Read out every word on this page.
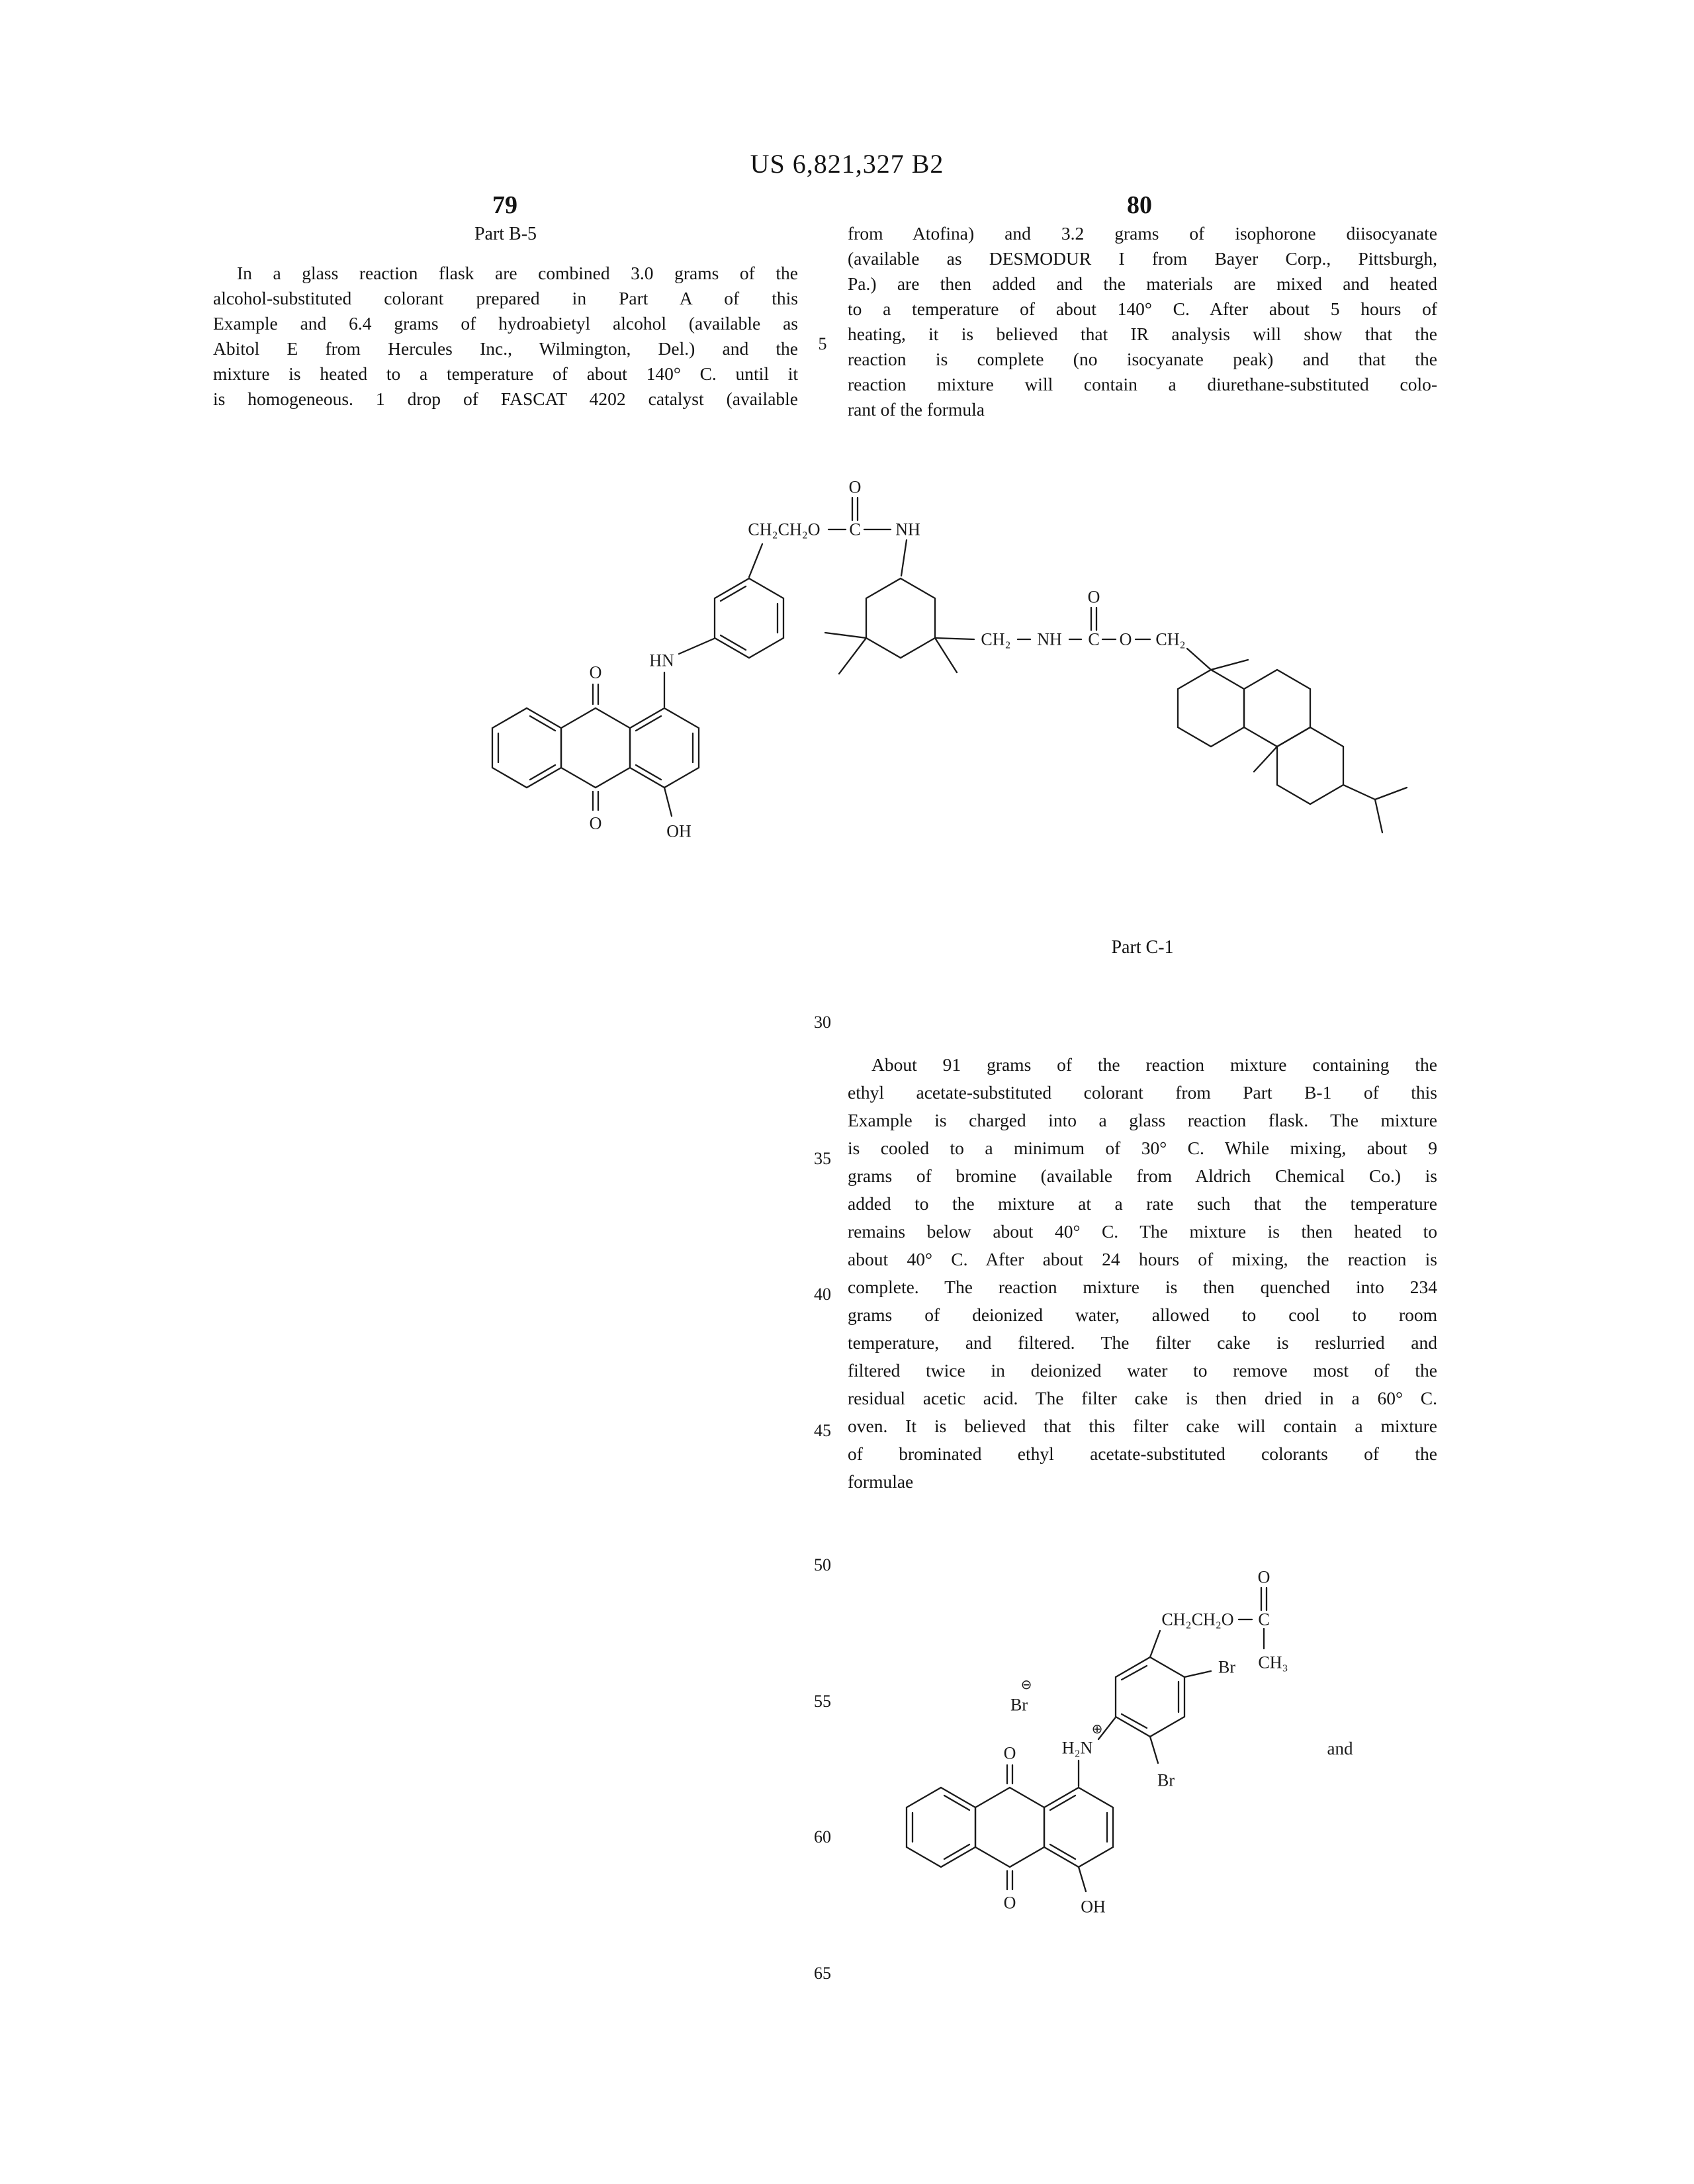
US 6,821,327 B2
79	80
Part B-5
In a glass reaction flask are combined 3.0 grams of the
alcohol-substituted colorant prepared in Part A of this
Example and 6.4 grams of hydroabietyl alcohol (available as
Abitol E from Hercules Inc., Wilmington, Del.) and the
mixture is heated to a temperature of about 140° C. until it
is homogeneous. 1 drop of FASCAT 4202 catalyst (available
from Atofina) and 3.2 grams of isophorone diisocyanate
(available as DESMODUR I from Bayer Corp., Pittsburgh,
Pa.) are then added and the materials are mixed and heated
to a temperature of about 140° C. After about 5 hours of
heating, it is believed that IR analysis will show that the
reaction is complete (no isocyanate peak) and that the
reaction mixture will contain a diurethane-substituted colo-
rant of the formula
Part C-1
About 91 grams of the reaction mixture containing the
ethyl acetate-substituted colorant from Part B-1 of this
Example is charged into a glass reaction flask. The mixture
is cooled to a minimum of 30° C. While mixing, about 9
grams of bromine (available from Aldrich Chemical Co.) is
added to the mixture at a rate such that the temperature
remains below about 40° C. The mixture is then heated to
about 40° C. After about 24 hours of mixing, the reaction is
complete. The reaction mixture is then quenched into 234
grams of deionized water, allowed to cool to room
temperature, and filtered. The filter cake is reslurried and
filtered twice in deionized water to remove most of the
residual acetic acid. The filter cake is then dried in a 60° C.
oven. It is believed that this filter cake will contain a mixture
of brominated ethyl acetate-substituted colorants of the
formulae
5
30
35
40
45
50
55
60
65
O
O	OH
HN
CH₂CH₂O C
O
NH
CH₂ NH C
O
O CH₂
O
O	OH
H₂N
⊕
Br
⊖
Br
Br
CH₂CH₂O C
O
CH₃
and
